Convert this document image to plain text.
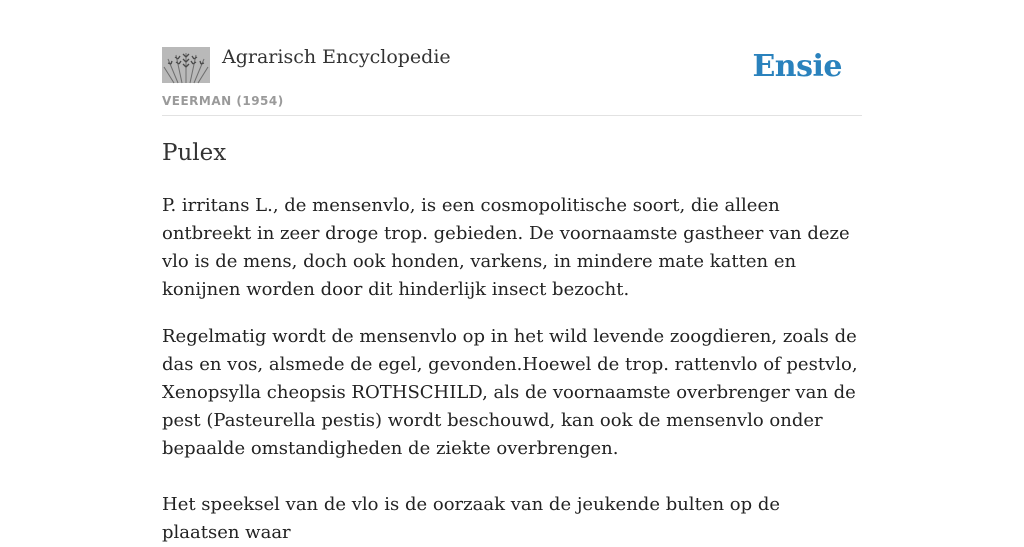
Agrarisch Encyclopedie
VEERMAN (1954)
Ensie
Pulex

P. irritans L., de mensenvlo, is een cosmopolitische soort, die alleen ontbreekt in zeer droge trop. gebieden. De voornaamste gastheer van deze vlo is de mens, doch ook honden, varkens, in mindere mate katten en konijnen worden door dit hinderlijk insect bezocht.

Regelmatig wordt de mensenvlo op in het wild levende zoogdieren, zoals de das en vos, alsmede de egel, gevonden.Hoewel de trop. rattenvlo of pestvlo, Xenopsylla cheopsis ROTHSCHILD, als de voornaamste overbrenger van de pest (Pasteurella pestis) wordt beschouwd, kan ook de mensenvlo onder bepaalde omstandigheden de ziekte overbrengen.

Het speeksel van de vlo is de oorzaak van de jeukende bulten op de plaatsen waar
